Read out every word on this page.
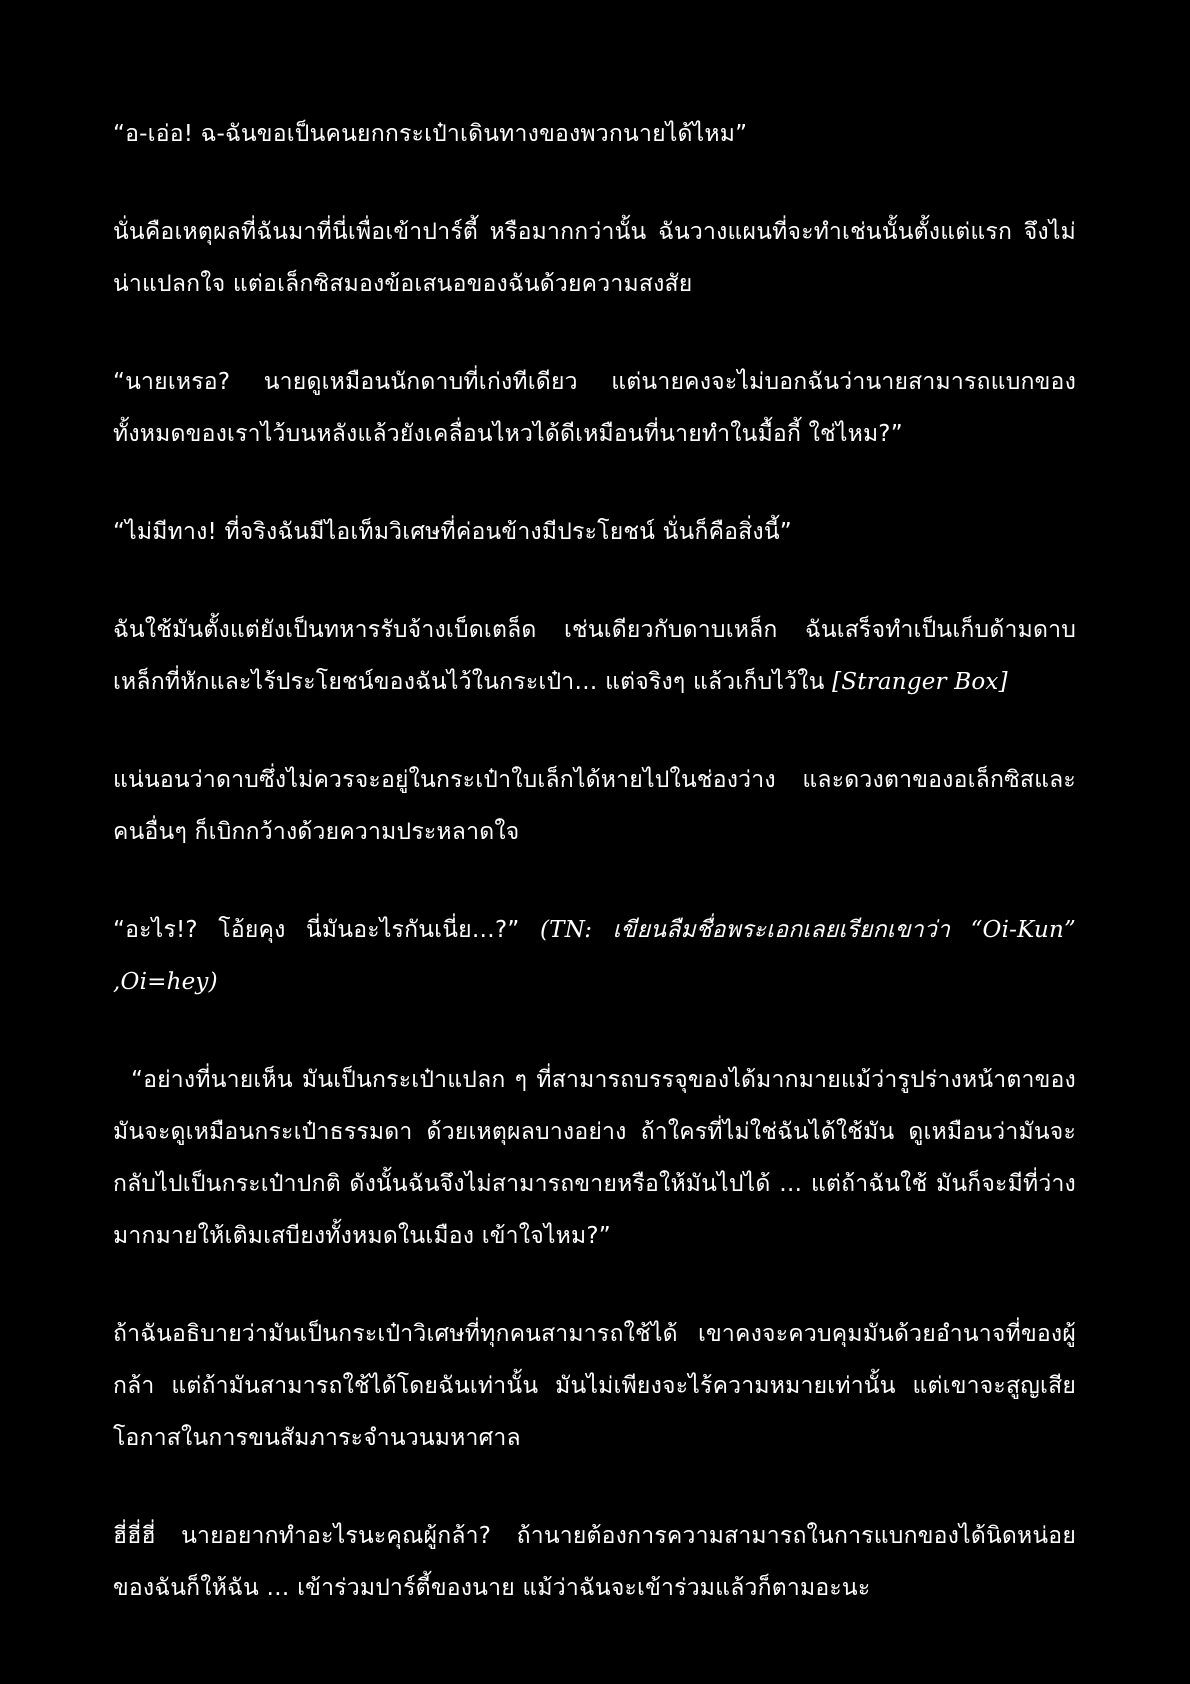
“อ-เอ่อ! ฉ-ฉันขอเป็นคนยกกระเป๋าเดินทางของพวกนายได้ไหม”

นั่นคือเหตุผลที่ฉันมาที่นี่เพื่อเข้าปาร์ตี้ หรือมากกว่านั้น ฉันวางแผนที่จะทำเช่นนั้นตั้งแต่แรก จึงไม่น่าแปลกใจ แต่อเล็กซิสมองข้อเสนอของฉันด้วยความสงสัย

“นายเหรอ? นายดูเหมือนนักดาบที่เก่งทีเดียว แต่นายคงจะไม่บอกฉันว่านายสามารถแบกของทั้งหมดของเราไว้บนหลังแล้วยังเคลื่อนไหวได้ดีเหมือนที่นายทำในมื้อกี้ ใช่ไหม?”

“ไม่มีทาง! ที่จริงฉันมีไอเท็มวิเศษที่ค่อนข้างมีประโยชน์ นั่นก็คือสิ่งนี้”

ฉันใช้มันตั้งแต่ยังเป็นทหารรับจ้างเบ็ดเตล็ด เช่นเดียวกับดาบเหล็ก ฉันเสร็จทำเป็นเก็บด้ามดาบเหล็กที่หักและไร้ประโยชน์ของฉันไว้ในกระเป๋า… แต่จริงๆ แล้วเก็บไว้ใน [Stranger Box]

แน่นอนว่าดาบซึ่งไม่ควรจะอยู่ในกระเป๋าใบเล็กได้หายไปในช่องว่าง และดวงตาของอเล็กซิสและคนอื่นๆ ก็เบิกกว้างด้วยความประหลาดใจ

“อะไร!? โอ้ยคุง นี่มันอะไรกันเนี่ย…?” (TN: เขียนลืมชื่อพระเอกเลยเรียกเขาว่า “Oi-Kun” ,Oi=hey)

“อย่างที่นายเห็น มันเป็นกระเป๋าแปลก ๆ ที่สามารถบรรจุของได้มากมายแม้ว่ารูปร่างหน้าตาของมันจะดูเหมือนกระเป๋าธรรมดา ด้วยเหตุผลบางอย่าง ถ้าใครที่ไม่ใช่ฉันได้ใช้มัน ดูเหมือนว่ามันจะกลับไปเป็นกระเป๋าปกติ ดังนั้นฉันจึงไม่สามารถขายหรือให้มันไปได้ … แต่ถ้าฉันใช้ มันก็จะมีที่ว่างมากมายให้เติมเสบียงทั้งหมดในเมือง เข้าใจไหม?”

ถ้าฉันอธิบายว่ามันเป็นกระเป๋าวิเศษที่ทุกคนสามารถใช้ได้ เขาคงจะควบคุมมันด้วยอำนาจที่ของผู้กล้า แต่ถ้ามันสามารถใช้ได้โดยฉันเท่านั้น มันไม่เพียงจะไร้ความหมายเท่านั้น แต่เขาจะสูญเสีย โอกาสในการขนสัมภาระจำนวนมหาศาล

ฮี่ฮี่ฮี่ นายอยากทำอะไรนะคุณผู้กล้า? ถ้านายต้องการความสามารถในการแบกของได้นิดหน่อยของฉันก็ให้ฉัน … เข้าร่วมปาร์ตี้ของนาย แม้ว่าฉันจะเข้าร่วมแล้วก็ตามอะนะ
